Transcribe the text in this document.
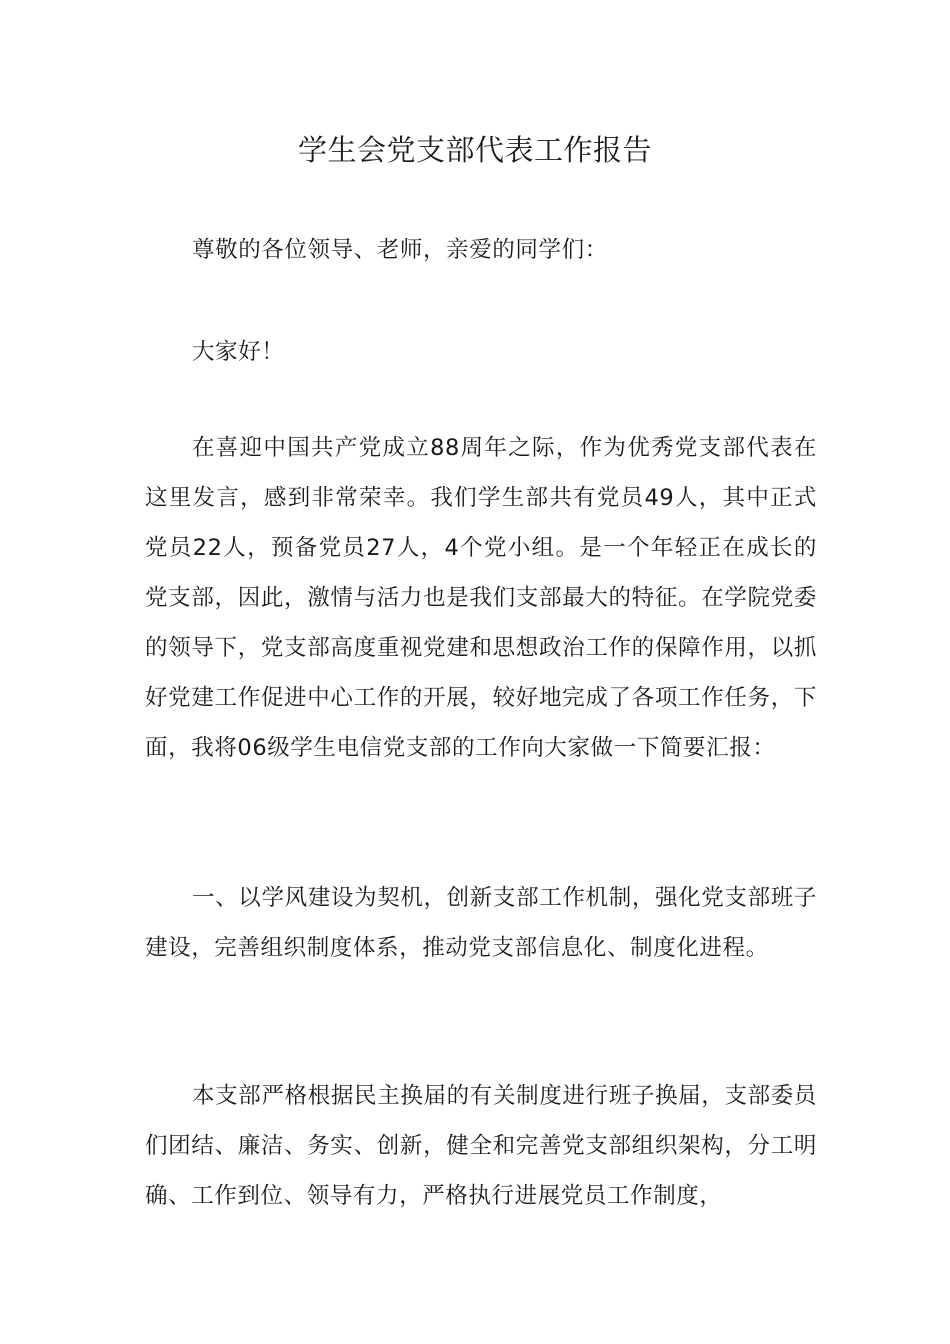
学生会党支部代表工作报告

尊敬的各位领导、老师，亲爱的同学们：

大家好！

在喜迎中国共产党成立88周年之际，作为优秀党支部代表在这里发言，感到非常荣幸。我们学生部共有党员49人，其中正式党员22人，预备党员27人，4个党小组。是一个年轻正在成长的党支部，因此，激情与活力也是我们支部最大的特征。在学院党委的领导下，党支部高度重视党建和思想政治工作的保障作用，以抓好党建工作促进中心工作的开展，较好地完成了各项工作任务，下面，我将06级学生电信党支部的工作向大家做一下简要汇报：

一、以学风建设为契机，创新支部工作机制，强化党支部班子建设，完善组织制度体系，推动党支部信息化、制度化进程。

本支部严格根据民主换届的有关制度进行班子换届，支部委员们团结、廉洁、务实、创新，健全和完善党支部组织架构，分工明确、工作到位、领导有力，严格执行进展党员工作制度，
